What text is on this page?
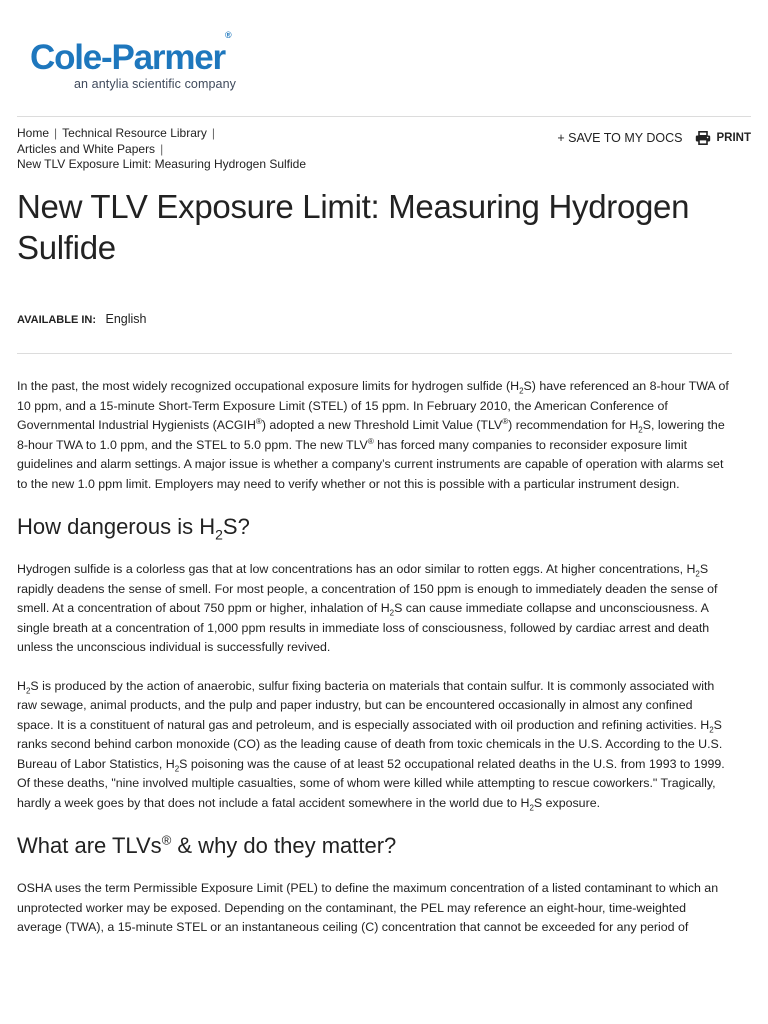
Cole-Parmer®
an antylia scientific company
Home | Technical Resource Library |
Articles and White Papers |
New TLV Exposure Limit: Measuring Hydrogen Sulfide
+ SAVE TO MY DOCS	PRINT
New TLV Exposure Limit: Measuring Hydrogen Sulfide
AVAILABLE IN: English

In the past, the most widely recognized occupational exposure limits for hydrogen sulfide $(H_2S)$ have referenced an 8-hour TWA of 10 ppm, and a 15-minute Short-Term Exposure Limit (STEL) of 15 ppm. In February 2010, the American Conference of Governmental Industrial Hygienists (ACGIH®) adopted a new Threshold Limit Value (TLV®) recommendation for $H_2S$, lowering the 8-hour TWA to 1.0 ppm, and the STEL to 5.0 ppm. The new TLV® has forced many companies to reconsider exposure limit guidelines and alarm settings. A major issue is whether a company’s current instruments are capable of operation with alarms set to the new 1.0 ppm limit. Employers may need to verify whether or not this is possible with a particular instrument design.

How dangerous is $H_2S$?

Hydrogen sulfide is a colorless gas that at low concentrations has an odor similar to rotten eggs. At higher concentrations, $H_2S$ rapidly deadens the sense of smell. For most people, a concentration of 150 ppm is enough to immediately deaden the sense of smell. At a concentration of about 750 ppm or higher, inhalation of $H_2S$ can cause immediate collapse and unconsciousness. A single breath at a concentration of 1,000 ppm results in immediate loss of consciousness, followed by cardiac arrest and death unless the unconscious individual is successfully revived.

$H_2S$ is produced by the action of anaerobic, sulfur fixing bacteria on materials that contain sulfur. It is commonly associated with raw sewage, animal products, and the pulp and paper industry, but can be encountered occasionally in almost any confined space. It is a constituent of natural gas and petroleum, and is especially associated with oil production and refining activities. $H_2S$ ranks second behind carbon monoxide (CO) as the leading cause of death from toxic chemicals in the U.S. According to the U.S. Bureau of Labor Statistics, $H_2S$ poisoning was the cause of at least 52 occupational related deaths in the U.S. from 1993 to 1999. Of these deaths, "nine involved multiple casualties, some of whom were killed while attempting to rescue coworkers." Tragically, hardly a week goes by that does not include a fatal accident somewhere in the world due to $H_2S$ exposure.

What are TLVs® & why do they matter?

OSHA uses the term Permissible Exposure Limit (PEL) to define the maximum concentration of a listed contaminant to which an unprotected worker may be exposed. Depending on the contaminant, the PEL may reference an eight-hour, time-weighted average (TWA), a 15-minute STEL or an instantaneous ceiling (C) concentration that cannot be exceeded for any period of
